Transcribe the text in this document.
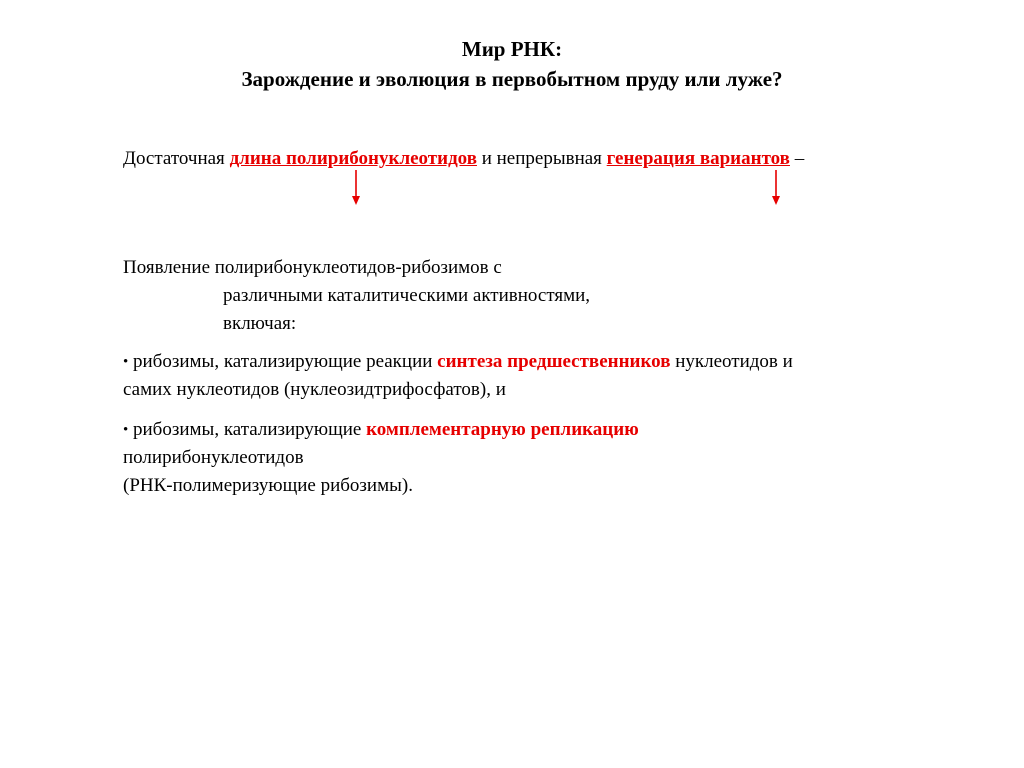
Мир РНК:
Зарождение и эволюция в первобытном пруду или луже?
Достаточная длина полирибонуклеотидов и непрерывная генерация вариантов –
Появление полирибонуклеотидов-рибозимов с
различными каталитическими активностями,
включая:
• рибозимы, катализирующие реакции синтеза предшественников нуклеотидов и
самих нуклеотидов (нуклеозидтрифосфатов), и
• рибозимы, катализирующие комплементарную репликацию
полирибонуклеотидов
(РНК-полимеризующие рибозимы).
